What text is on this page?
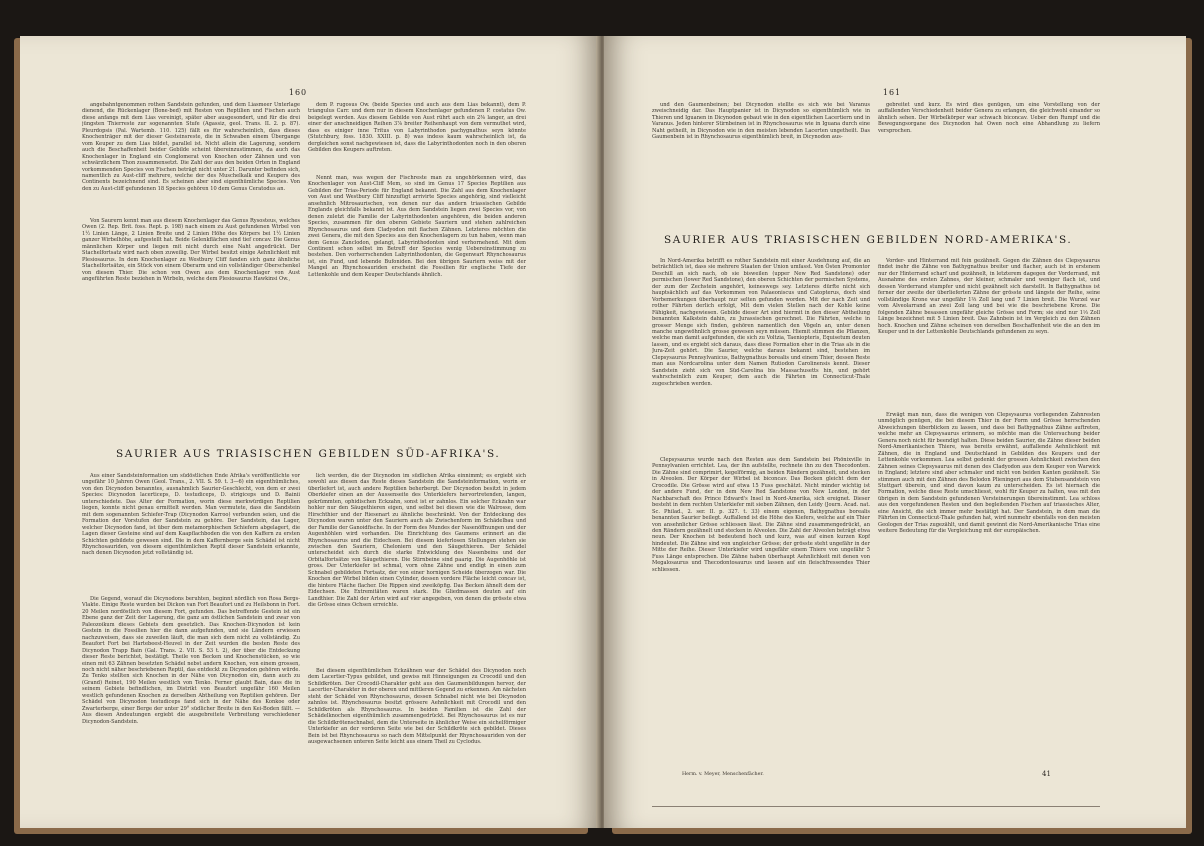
160

angebahntgenommen rothen Sandstein gefunden, und dem Liasmeer Unterlage dienend, die Rückenlager (Bone-bed) mit Resten von Reptilien und Fischen auch diese anfangs mit dem Lias vereinigt, später aber ausgesondert, und für die drei jüngsten Thierreste zur sogenannten Stufe (Agassiz, geol. Trans. IL 2. p. 87). Pleurdopsis (Pal. Wartemb. 110. 125) fällt es für wahrscheinlich, dass dieses Knochenträger mit der dieser Gesteinsreste, die in Schwaben einem Übergange vom Keuper zu dem Lias bildet, parallel ist. Nicht allein die Lagerung, sondern auch die Beschaffenheit beider Gebilde scheint übereinzustimmen, da auch das Knochenlager in England ein Conglomerat von Knochen oder Zähnen und von schwärzlichem Thon zusammensetzt. Die Zahl der aus den beiden Orten in England vorkommenden Species von Fischen beträgt nicht unter 21. Darunter befinden sich, namentlich zu Aust-cliff mehrere, welche der des Muschelkalk und Keupers des Continents bezeichnend sind. Es scheinen aber sind eigenthümliche Species. Von den zu Aust-cliff gefundenen 18 Species gehören 10 dem Genus Ceratodus an.

Von Saurern kennt man aus diesem Knochenlager das Genus Rysosteus, welches Owen (2. Rep. Brit. foss. Rept. p. 198) nach einem zu Aust gefundenen Wirbel von 1½ Linien Länge, 2 Linien Breite und 2 Linien Höhe des Körpers bei 1½ Linien ganzer Wirbelhöhe, aufgestellt hat. Beide Gelenkflächen sind tief concav. Die Genus männlichen Körper und liegen mit nicht durch eine Naht angedrückt. Der Stachelfortsatz wird nach oben zuweilig. Der Wirbel besitzt einige Aehnlichkeit mit Plesiosaurus. In dem Knochenlager zu Westbury Cliff fanden sich ganz ähnliche Stachelfortsätze, ein Stück von einem Oberarm und ein vollständiger Oberschenkel von diesem Thier. Die schon von Owen aus dem Knochenlager von Aust angeführten Reste beziehen in Wirbeln, welche dem Plesiosaurus Hawkinsi Ow.,

dem P. rugosus Ow. (beide Species und auch aus dem Lias bekannt), dem P. triangulus Carr. und dem nur in diesem Knochenlager gefundenen P. costatus Ow. beigelegt werden. Aus diesem Gebilde von Aust rührt auch ein 2⅜ langer, an drei einer der anschneidigen Reihen 3⅞ breiter Reihenhaupt von dem vermuthet wird, dass es einiger inne Tritus von Labyrinthodon pachygnathus seyn könnte (Stutchbury, foss. 1830. XXIII. p. 8) was indess kaum wahrscheinlich ist, da dergleichen sonst nachgewiesen ist, dass die Labyrinthodonten noch in den oberen Gebilden des Keupers auftreten.

Nennt man, was wegen der Fischreste man zu ungehörkennen wird, das Knochenlager von Aust-Cliff Mem, so sind im Genus 17 Species Reptilien aus Gebilden der Trias-Periode für England bekannt. Die Zahl aus dem Knochenlager von Aust und Westbury Cliff hinzufügt arrivirte Species angehörig, sind vielleicht ansehnlich Mitrosaurischen, von denen nur das andern triassischen Gebilde Englands gleichfalls bekannt ist. Aus dem Sandstein liegen zwei Species vor, von denen zuletzt die Familie der Labyrinthodonten angehören, die beiden anderen Species, zusammen für den oberen Gebiete Sauriern und stehen zahlreichen Rhynchosaurus und dem Cladyodon mit flachen Zähnen. Letzteres möchten die zwei Genera, die mit den Species aus den Knochenlagern zu tun haben, wenn man dem Genus Zanclodon, gelangt, Labyrinthodonten sind verhornehend. Mit dem Continent schon selbst im Betreff der Species wenig Uebereinstimmung zu bestehen. Den vorherrschenden Labyrinthodonten, die Gegenwart Rhynchosaurus ist, ein Fund, und lebende Bufoniden. Bei den übrigen Sauriern weiss mit der Mangel an Rhynchosauriden erscheint die Fossilien für englische Tiefe der Lettenkohle und dem Keuper Deutschlands ähnlich.

SAURIER AUS TRIASISCHEN GEBILDEN SÜD-AFRIKA'S.

Aus einer Sandsteinformation um südöstlichen Ende Afrika's veröffentlichte vor ungefähr 10 Jahren Owen (Geol. Trans., 2. VII. S. 59. t. 3—6) ein eigenthümliches, von den Dicynodon benanntes, ausnahmlich Saurier-Geschlecht, von dem er zwei Species: Dicynodon lacerticeps, D. testudiceps, D. strigiceps und D. Bainii unterschiedete. Das Alter der Formation, worin diese merkwürdigen Reptilien liegen, konnte nicht genau ermittelt werden. Man vermutete, dass die Sandstein mit dem sogenannten Schiefer-Trap (Dicynodon Karroo) verbunden seien, und die Formation der Vorstufen der Sandstein zu gehöre. Der Sandstein, das Lager, welcher Dicynodon fand, ist über dem metamorphischen Schiefern abgelagert, die Lagen dieser Gesteine sind auf dem Kaapflachboden die von den Kaffern zu ersten Schichten gebildete gewesen sind. Die in dem Kaffernberge sein Schädel ist nicht Rhynchosauriden, von diesem eigenthümlichen Reptil dieser Sandstein erkannte, nach denen Dicynodon jetzt vollständig ist.

Die Gegend, worauf die Dicynodons beruhten, beginnt nördlich von Rosa Bergs-Vlakte. Einige Reste wurden bei Dickon van Fort Beaufort und zu Heilsbonn in Fort. 20 Meilen nordöstlich von diesem Fort, gefunden. Das betreffende Gestein ist ein Ebene ganz der Zeit der Lagerung, die ganz am östlichen Sandstein und zwar von Paleozoikum dieses Gebiets dem gesetzlich. Das Knochen-Dicynodon ist kein Gestein in die Fossilien hier die dann aufgefunden, und sie Ländern erwiesen nachzuweisen, dass sie zuweilen läuft, die man sich dem nicht zu vollständig. Zu Beaufort Fort bei Hartebeest-Heuvel in der Zeit wurden die besten Reste des Dicynodon Trapp Bain (Gal. Trans. 2. VII. S. 53 t. 2), der über die Entdeckung dieser Reste berichtet, bestätigt. Theile von Becken und Knochenstücken, so wie einen mit 63 Zähnen besetzten Schädel nebst andern Knochen, von einem grossen, noch nicht näher beschriebenen Reptil, das entdeckt zu Dicynodon gehören würde. Zu Tenko stellten sich Knochen in der Nähe von Dicynodon ein, dann auch zu (Grand) Reinet, 190 Meilen westlich von Tenko. Ferner glaubt Bain, dass die in seinem Gebiete befindlichen, im Distrikt von Beaufort ungefähr 160 Meilen westlich gefundenen Knochen zu derselben Abtheilung von Reptilien gehören. Der Schädel von Dicynodon testudiceps fand sich in der Nähe des Konkoe oder Zwarterberge, einer Berge der unter 29° südlicher Breite in den Kei-Boden fällt. — Aus diesen Andeutungen ergiebt die ausgebreitete Verbreitung verschiedener Dicynodon-Sandstein.

lich werden, die der Dicynodon im südlichen Afrika einnimmt; es ergiebt sich sowohl aus diesen das Reste dieses Sandstein die Sandsteinformation, worin er überliefert ist, auch andere Reptilien beherbergt. Der Dicynodon besitzt in jedem Oberkiefer einen an der Aussenseite des Unterkiefers hervortretenden, langen, gekrümmten, ophidischen Eckzahn, sonst ist er zahnlos. Ein solcher Eckzahn war hohler nur den Säugethieren eigen, und selbst bei diesen wie die Walrosse, dem Hirschthier und der Riesenart zu ähnliche beschränkt. Von der Entdeckung des Dicynodon waren unter den Sauriern auch als Zwischenform im Schädelbau und der Familie der Ganoidfische. In der Form des Mundes der Nasenöffnungen und der Augenhöhlen wird vorhanden. Die Einrichtung des Gaumens erinnert an die Rhynchosaurus und die Eidechsen. Bei diesem kieferlosen Stellungen stehen sie zwischen den Sauriern, Cheloniern und den Säugethieren. Der Schädel unterscheidet sich durch die starke Entwicklung des Nasenbeins und der Orbitalfortsätze von Säugethieren. Die Stirnbeine sind paarig. Die Augenhöhle ist gross. Der Unterkiefer ist schmal, vorn ohne Zähne und endigt in einen zum Schnabel gebildeten Fortsatz, der von einer hornigen Scheide überzogen war. Die Knochen der Wirbel bilden einen Cylinder, dessen vordere Fläche leicht concav ist, die hintere Fläche flacher. Die Rippen sind zweiköpfig. Das Becken ähnelt dem der Eidechsen. Die Extremitäten waren stark. Die Gliedmassen deuten auf ein Landthier. Die Zahl der Arten wird auf vier angegeben, von denen die grösste etwa die Grösse eines Ochsen erreichte.

Bei diesem eigenthümlichen Eckzähnen war der Schädel des Dicynodon noch dem Lacertier-Typus gebildet, und gewiss mit Hinneigungen zu Crocodil und den Schildkröten. Der Crocodil-Charakter geht aus den Gaumenbildungen hervor, der Lacertier-Charakter in der oberen und mittleren Gegend zu erkennen. Am nächsten steht der Schädel von Rhynchosaurus, dessen Schnabel nicht wie bei Dicynodon zahnlos ist. Rhynchosaurus besitzt grössere Aehnlichkeit mit Crocodil und den Schildkröten als Rhynchosaurus. In beiden Familien ist die Zahl der Schädelknochen eigenthümlich zusammengedrückt. Bei Rhynchosaurus ist es nur die Schildkrötenschnabel, dem die Unterseite in ähnlicher Weise ein sichelförmiger Unterkiefer an der vorderen Seite wie bei der Schildkröte sich gebildet. Dieses Bein ist bei Rhynchosaurus so nach dem Mittelpunkt der Rhynchosauriden von der ausgewachsenen unteren Seite leicht aus einem Theil zu Cyclodus.

161

und den Gaumenbeinen; bei Dicynodon stellte es sich wie bei Varanus zweischneidig dar. Das Hauptpanier ist in Dicynodon so eigenthümlich wie in Thieren und Iguanen in Dicynodon gebaut wie in den eigentlichen Lacertiern und in Varanus. Jeden hinterer Stirnbeinen ist in Rhynchosaurus wie in Iguana durch eine Naht getheilt, in Dicynodon wie in den meisten lebenden Lacerten ungetheilt. Das Gaumenbein ist in Rhynchosaurus eigenthümlich breit, in Dicynodon aus-

gebreitet und kurz. Es wird dies genügen, um eine Vorstellung von der auffallenden Verschiedenheit beider Genera zu erlangen, die gleichwohl einander so ähnlich sehen. Der Wirbelkörper war schwach biconcav. Ueber den Rumpf und die Bewegungsorgane des Dicynodon hat Owen noch eine Abhandlung zu liefern versprochen.

SAURIER AUS TRIASISCHEN GEBILDEN NORD-AMERIKA'S.

In Nord-Amerika betrifft es rother Sandstein mit einer Ausdehnung auf, die an beträchtlich ist, dass sie mehrere Staaten der Union umfasst. Von Östen Promontor Deschill an sich nach, ob sie bisweilen (upper New Red Sandstone) oder permischen (lower Red Sandstone), den oberen Schichten der permischen Systems, der zum der Zechstein angehört, keineswegs sey. Letzteres dürfte nicht sich hauptsächlich auf das Vorkommen von Palaeoniscus und Catopterus, doch sind Vorbemerkungen überhaupt nur selten gefunden worden. Mit der nach Zeit und rother Fährten derlich erfolgt, Mit dem vielen Stellen nach der Kohle keine Fähigkeit, nachgewiesen. Gebilde dieser Art sind hiermit in den dieser Abtheilung benannten Kalkstein dahin, zu Jurassischen gerechnet. Die Fährten, welche in grosser Menge sich finden, gehören namentlich den Vögeln an, unter denen manche ungewöhnlich grosse gewesen seyn müssen. Hiemit stimmen die Pflanzen, welche man damit aufgefunden, die sich zu Voltzia, Taeniopteris, Equisetum deuten lassen, und es ergiebt sich daraus, dass diese Formation eher in die Trias als in die Jura-Zeit gehört. Die Saurier, welche daraus bekannt sind, bestehen im Clepsysaurus Pennsylvanicus, Bathygnathus borealis und einem Thier, dessen Reste man aus Nordcarolina unter dem Namen Rutiodon Carolinensis kennt. Dieser Sandstein zieht sich von Süd-Carolina bis Massachusetts hin, und gehört wahrscheinlich zum Keuper, dem auch die Fährten im Connecticut-Thale zugeschrieben werden.

Clepsysaurus wurde nach den Resten aus dem Sandstein bei Phönixville in Pennsylvanien errichtet. Lea, der ihn aufstellte, rechnete ihn zu den Thecodonten. Die Zähne sind comprimirt, kegelförmig, an beiden Rändern gezähnelt, und stecken in Alveolen. Der Körper der Wirbel ist biconcav. Das Becken gleicht dem der Crocodile. Die Grösse wird auf etwa 15 Fuss geschätzt. Nicht minder wichtig ist der andere Fund, der in dem New Red Sandstone von New London, in der Nachbarschaft des Prince Edward's Insel in Nord-Amerika, sich ereignet. Dieser besteht in dem rechten Unterkiefer mit sieben Zähnen, den Leidy (Journ. Acad. nat. Sc. Philad., 2. ser. II. p. 327. t. 33) einem eigenen, Bathygnathus borealis benannten Saurier beilegt. Auffallend ist die Höhe des Kiefers, welche auf ein Thier von ansehnlicher Grösse schliessen lässt. Die Zähne sind zusammengedrückt, an den Rändern gezähnelt und stecken in Alveolen. Die Zahl der Alveolen beträgt etwa neun. Der Knochen ist bedeutend hoch und kurz, was auf einen kurzen Kopf hindeutet. Die Zähne sind von ungleicher Grösse; der grösste steht ungefähr in der Mitte der Reihe. Dieser Unterkiefer wird ungefähr einem Thiere von ungefähr 5 Fuss Länge entsprechen. Die Zähne haben überhaupt Aehnlichkeit mit denen von Megalosaurus und Thecodontosaurus und lassen auf ein fleischfressendes Thier schliessen.

Vorder- und Hinterrand mit fein gezähnelt. Gegen die Zähnen des Clepsysaurus findet inehr die Zähne von Bathygnathus breiter und flacher, auch ist in erstenem nur der Hinterrand scharf und gezähnelt, in letzterem dagegen der Vorderrand, mit Ausnahme des ersten Zahnes, der kleiner, schmaler und weniger flach ist, und dessen Vorderrand stumpfer und nicht gezähnelt sich darstellt. In Bathygnathus ist ferner der zweite der überlieferten Zähne der grösste und längste der Reihe, seine vollständige Krone war ungefähr 1⅔ Zoll lang und 7 Linien breit. Die Wurzel war vom Alveolarrand an zwei Zoll lang und bei wie die beschriebene Krone. Die folgenden Zähne besassen ungefähr gleiche Grösse und Form; sie sind nur 1⅓ Zoll Länge bezeichnet mit 5 Linien breit. Das Zahnbein ist im Vergleich zu den Zähnen hoch. Knochen und Zähne scheinen von derselben Beschaffenheit wie die an den im Keuper und in der Lettenkohle Deutschlands gefundenen zu seyn.

Erwägt man nun, dass die wenigen von Clepsysaurus vorliegenden Zahnresten unmöglich genügen, die bei diesem Thier in der Form und Grösse herrschenden Abweichungen überblicken zu lassen, und dass bei Bathygnathus Zähne auftreten, welche mehr an Clepsysaurus erinnern, so möchte man die Untersuchung beider Genera noch nicht für beendigt halten. Diese beiden Saurier, die Zähne dieser beiden Nord-Amerikanischen Thiere, was bereits erwähnt, auffallende Aehnlichkeit mit Zähnen, die in England und Deutschland in Gebilden des Keupers und der Lettenkohle vorkommen. Lea selbst gedenkt der grossen Aehnlichkeit zwischen den Zähnen seines Clepsysaurus mit denen des Cladyodon aus dem Keuper von Warwick in England; letztere sind aber schmaler und nicht von beiden Kanten gezähnelt. Sie stimmen auch mit den Zähnen des Belodon Plieningeri aus dem Stubensandstein von Stuttgart überein, und sind davon kaum zu unterscheiden. Es ist hiernach die Formation, welche diese Reste umschliesst, wohl für Keuper zu halten, was mit den übrigen in dem Sandstein gefundenen Versteinerungen übereinstimmt. Lea schloss aus den vorgefundenen Resten und den begleitenden Fischen auf triassisches Alter, eine Ansicht, die sich immer mehr bestätigt hat. Der Sandstein, in dem man die Fährten im Connecticut-Thale gefunden hat, wird nunmehr ebenfalls von den meisten Geologen der Trias zugezählt, und damit gewinnt die Nord-Amerikanische Trias eine weitere Bedeutung für die Vergleichung mit der europäischen.

Herm. v. Meyer, Menschenfächer.	41
